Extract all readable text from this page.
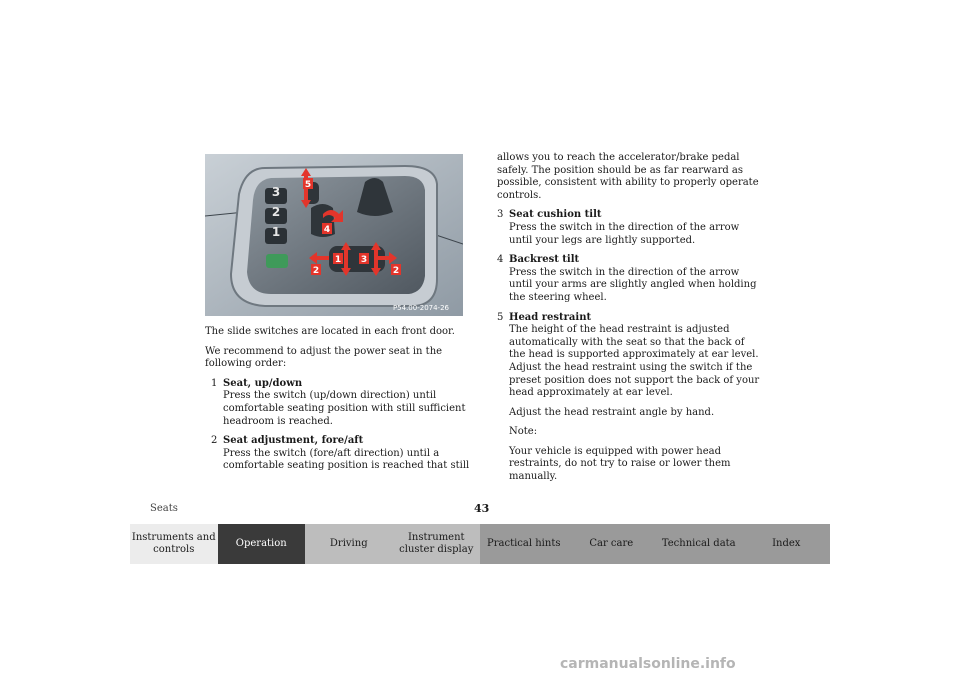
1
2
3
4
5
2	2
1 3
P54.00-2074-26

The slide switches are located in each front door.

We recommend to adjust the power seat in the following order:

1 Seat, up/down
Press the switch (up/down direction) until comfortable seating position with still sufficient headroom is reached.
2 Seat adjustment, fore/aft
Press the switch (fore/aft direction) until a comfortable seating position is reached that still

allows you to reach the accelerator/brake pedal safely. The position should be as far rearward as possible, consistent with ability to properly operate controls.

3 Seat cushion tilt
Press the switch in the direction of the arrow until your legs are lightly supported.
4 Backrest tilt
Press the switch in the direction of the arrow until your arms are slightly angled when holding the steering wheel.
5 Head restraint
The height of the head restraint is adjusted automatically with the seat so that the back of the head is supported approximately at ear level. Adjust the head restraint using the switch if the preset position does not support the back of your head approximately at ear level.

Adjust the head restraint angle by hand.

Note:

Your vehicle is equipped with power head restraints, do not try to raise or lower them manually.

Seats	43
Instruments and controls
Operation	Driving
Instrument cluster display
Practical hints	Car care	Technical data	Index
carmanualsonline.info
